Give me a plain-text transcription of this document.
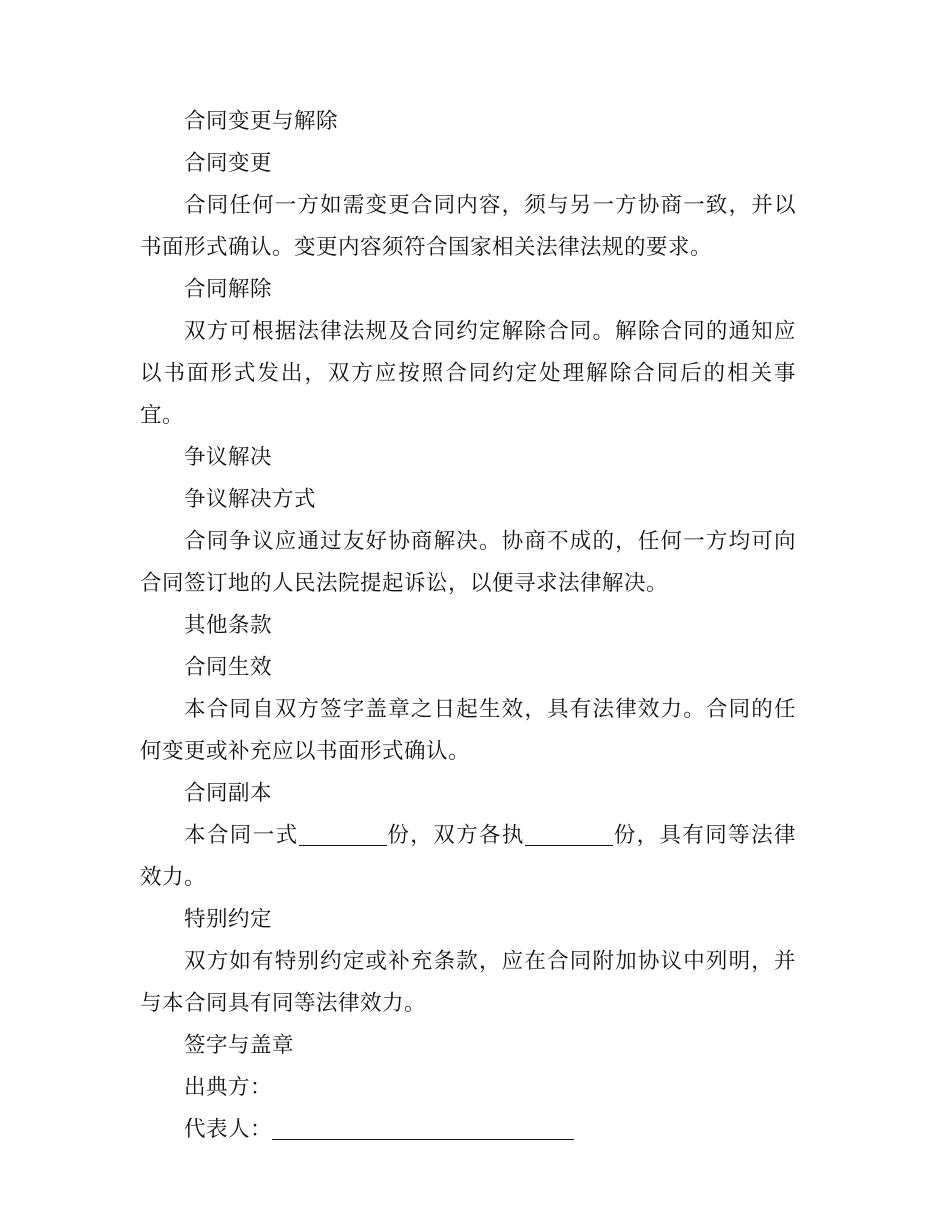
合同变更与解除
合同变更

合同任何一方如需变更合同内容，须与另一方协商一致，并以书面形式确认。变更内容须符合国家相关法律法规的要求。

合同解除

双方可根据法律法规及合同约定解除合同。解除合同的通知应以书面形式发出，双方应按照合同约定处理解除合同后的相关事宜。

争议解决
争议解决方式

合同争议应通过友好协商解决。协商不成的，任何一方均可向合同签订地的人民法院提起诉讼，以便寻求法律解决。

其他条款
合同生效

本合同自双方签字盖章之日起生效，具有法律效力。合同的任何变更或补充应以书面形式确认。

合同副本

本合同一式	份，双方各执	份，具有同等法律效力。

特别约定

双方如有特别约定或补充条款，应在合同附加协议中列明，并与本合同具有同等法律效力。

签字与盖章
出典方：
代表人：
